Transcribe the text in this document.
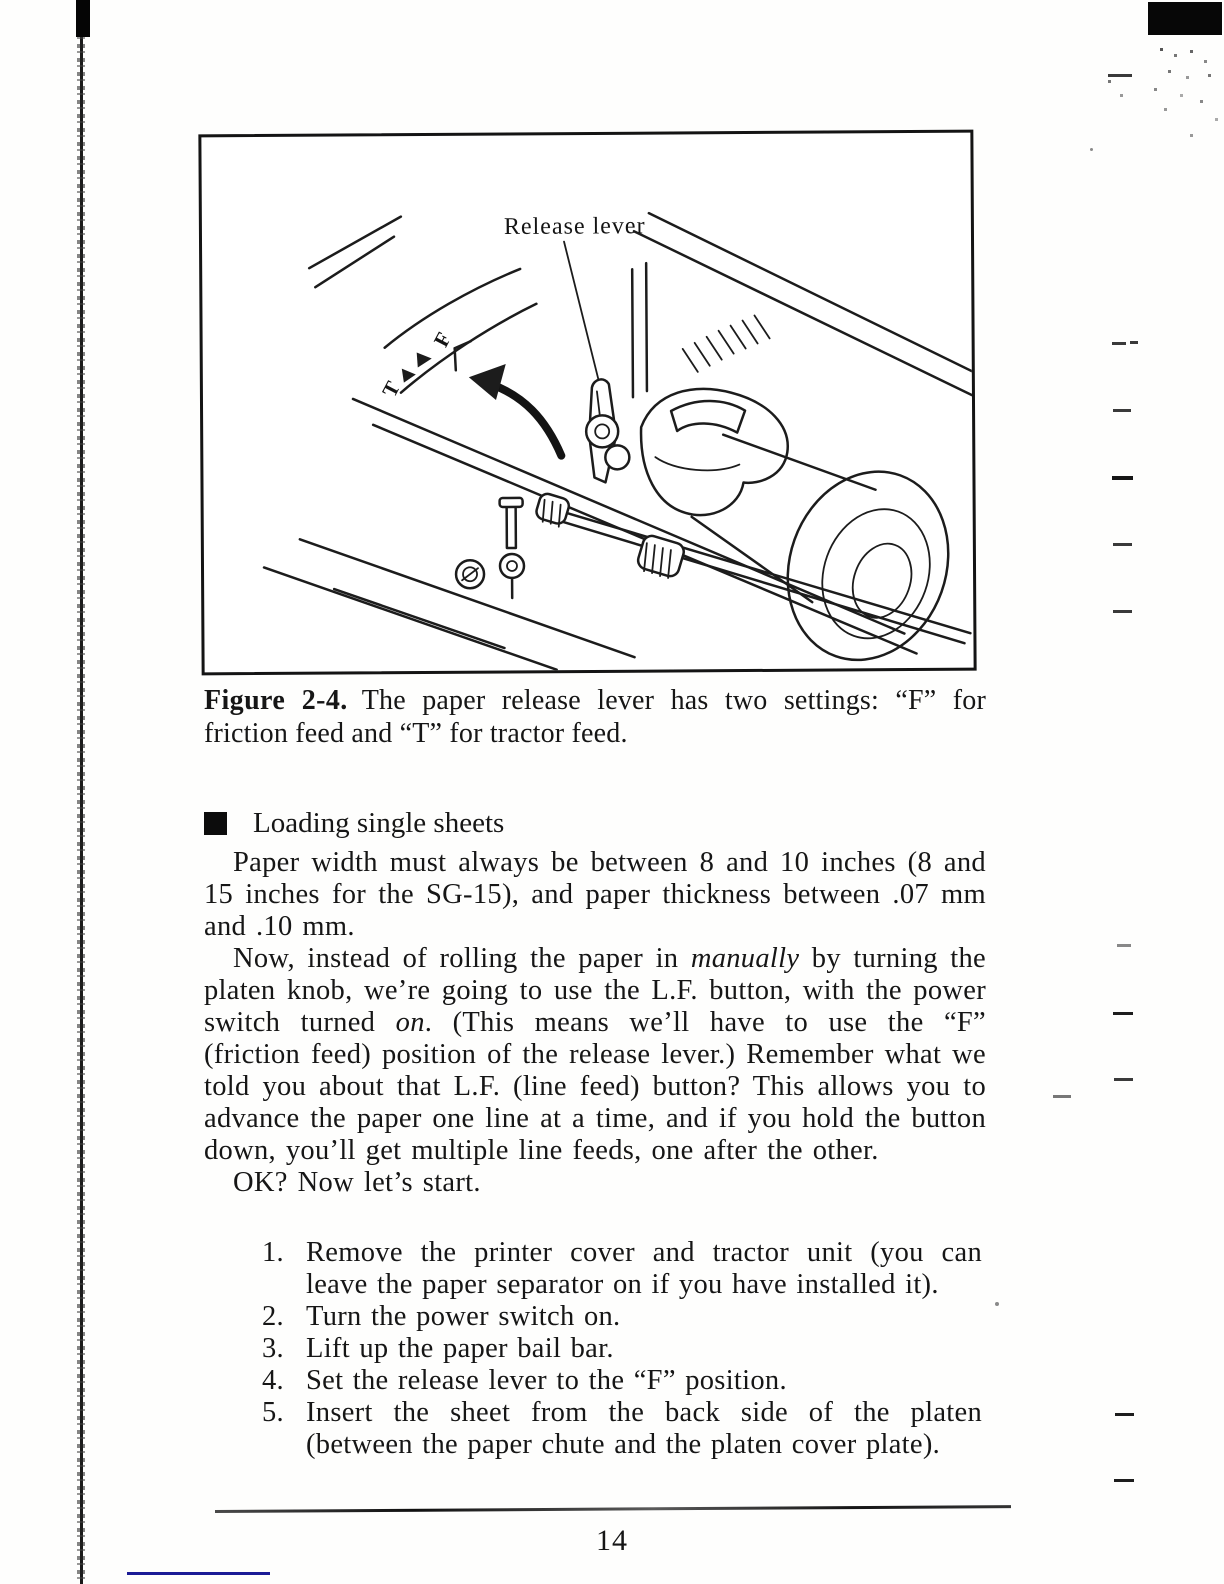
Release lever
F
T

Figure 2-4. The paper release lever has two settings: “F” for friction feed and “T” for tractor feed.

Loading single sheets

Paper width must always be between 8 and 10 inches (8 and 15 inches for the SG-15), and paper thickness between .07 mm and .10 mm.

Now, instead of rolling the paper in manually by turning the platen knob, we’re going to use the L.F. button, with the power switch turned on. (This means we’ll have to use the “F” (friction feed) position of the release lever.) Remember what we told you about that L.F. (line feed) button? This allows you to advance the paper one line at a time, and if you hold the button down, you’ll get multiple line feeds, one after the other.

OK? Now let’s start.

1. Remove the printer cover and tractor unit (you can leave the paper separator on if you have installed it).
2. Turn the power switch on.
3. Lift up the paper bail bar.
4. Set the release lever to the “F” position.
5. Insert the sheet from the back side of the platen (between the paper chute and the platen cover plate).
14
